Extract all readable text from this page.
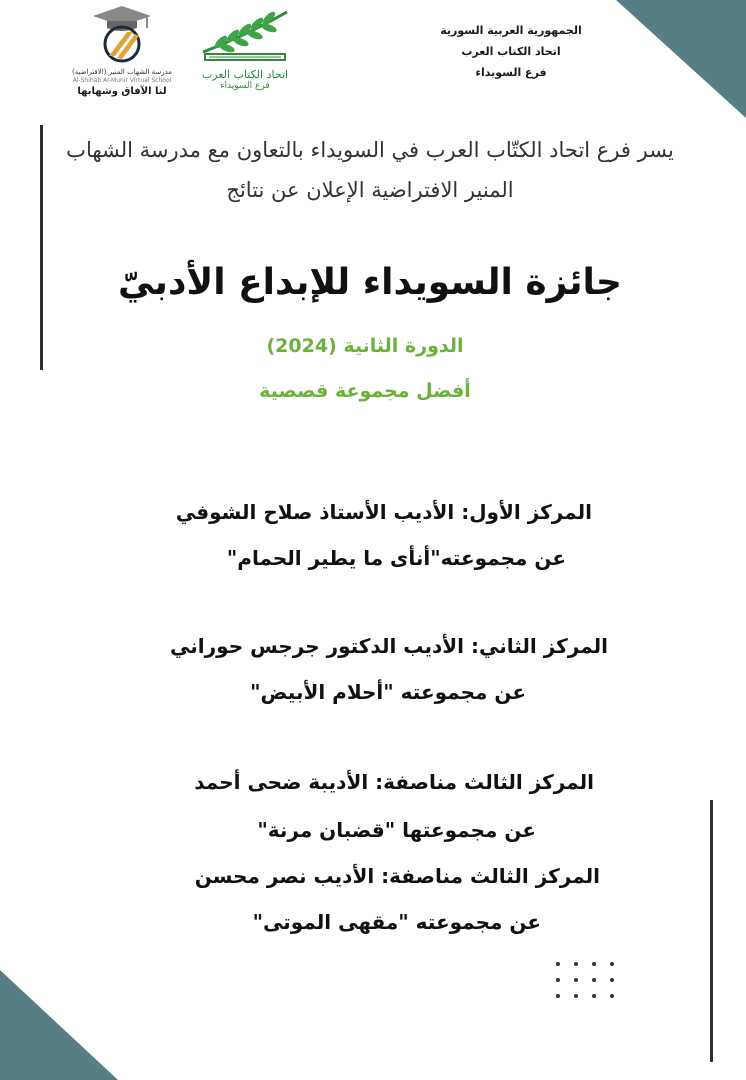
الجمهورية العربية السورية
اتحاد الكتاب العرب
فرع السويداء
اتحاد الكتاب العرب
فرع السويداء
مدرسة الشهاب المنير (الافتراضية)
Al-Shihab Al-Munir Virtual School
لنا الآفاق وشهابها
يسر فرع اتحاد الكتّاب العرب في السويداء بالتعاون مع مدرسة الشهاب المنير الافتراضية الإعلان عن نتائج
جائزة السويداء للإبداع الأدبيّ
الدورة الثانية (2024)
أفضل مجموعة قصصية
المركز الأول: الأديب الأستاذ صلاح الشوفي
عن مجموعته"أنأى ما يطير الحمام"
المركز الثاني: الأديب الدكتور جرجس حوراني
عن مجموعته "أحلام الأبيض"
المركز الثالث مناصفة: الأديبة ضحى أحمد
عن مجموعتها "قضبان مرنة"
المركز الثالث مناصفة: الأديب نصر محسن
عن مجموعته "مقهى الموتى"
